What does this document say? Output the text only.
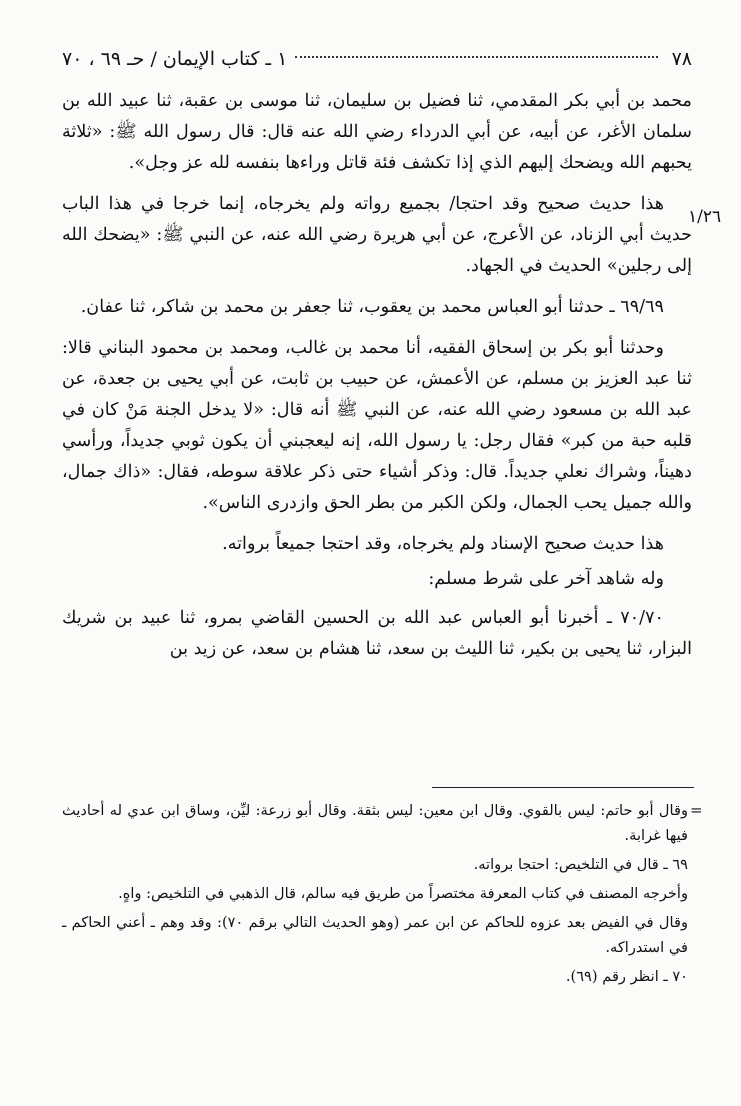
٧٨
١ ـ كتاب الإيمان / حـ ٦٩ ، ٧٠
١/٢٦

محمد بن أبي بكر المقدمي، ثنا فضيل بن سليمان، ثنا موسى بن عقبة، ثنا عبيد الله بن سلمان الأغر، عن أبيه، عن أبي الدرداء رضي الله عنه قال: قال رسول الله ﷺ: «ثلاثة يحبهم الله ويضحك إليهم الذي إذا تكشف فئة قاتل وراءها بنفسه لله عز وجل».

هذا حديث صحيح وقد احتجا/ بجميع رواته ولم يخرجاه، إنما خرجا في هذا الباب حديث أبي الزناد، عن الأعرج، عن أبي هريرة رضي الله عنه، عن النبي ﷺ: «يضحك الله إلى رجلين» الحديث في الجهاد.

٦٩/٦٩ ـ حدثنا أبو العباس محمد بن يعقوب، ثنا جعفر بن محمد بن شاكر، ثنا عفان.

وحدثنا أبو بكر بن إسحاق الفقيه، أنا محمد بن غالب، ومحمد بن محمود البناني قالا: ثنا عبد العزيز بن مسلم، عن الأعمش، عن حبيب بن ثابت، عن أبي يحيى بن جعدة، عن عبد الله بن مسعود رضي الله عنه، عن النبي ﷺ أنه قال: «لا يدخل الجنة مَنْ كان في قلبه حبة من كبر» فقال رجل: يا رسول الله، إنه ليعجبني أن يكون ثوبي جديداً، ورأسي دهيناً، وشراك نعلي جديداً. قال: وذكر أشياء حتى ذكر علاقة سوطه، فقال: «ذاك جمال، والله جميل يحب الجمال، ولكن الكبر من بطر الحق وازدرى الناس».

هذا حديث صحيح الإسناد ولم يخرجاه، وقد احتجا جميعاً برواته.

وله شاهد آخر على شرط مسلم:

٧٠/٧٠ ـ أخبرنا أبو العباس عبد الله بن الحسين القاضي بمرو، ثنا عبيد بن شريك البزار، ثنا يحيى بن بكير، ثنا الليث بن سعد، ثنا هشام بن سعد، عن زيد بن

=

وقال أبو حاتم: ليس بالقوي. وقال ابن معين: ليس بثقة. وقال أبو زرعة: ليِّن، وساق ابن عدي له أحاديث فيها غرابة.

٦٩ ـ قال في التلخيص: احتجا برواته.

وأخرجه المصنف في كتاب المعرفة مختصراً من طريق فيه سالم، قال الذهبي في التلخيص: واهٍ.

وقال في الفيض بعد عزوه للحاكم عن ابن عمر (وهو الحديث التالي برقم ٧٠): وقد وهم ـ أعني الحاكم ـ في استدراكه.

٧٠ ـ انظر رقم (٦٩).
